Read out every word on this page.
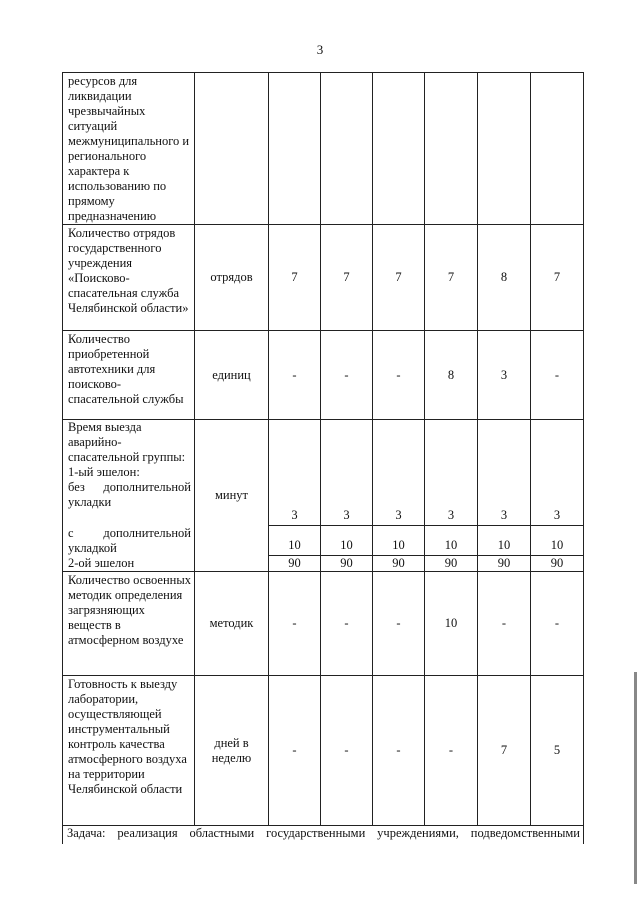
3
ресурсов для ликвидации чрезвычайных ситуаций межмуниципального и регионального характера к использованию по прямому предназначению							
Количество отрядов государственного учреждения «Поисково-спасательная служба Челябинской области»	отрядов	7	7	7	7	8	7
Количество приобретенной автотехники для поисково-спасательной службы	единиц	-	-	-	8	3	-

Время выезда аварийно-спасательной группы:
1-ый эшелон:
без дополнительной
укладки	минут	3	3	3	3	3	3

с дополнительной
укладкой		10	10	10	10	10	10
2-ой эшелон		90	90	90	90	90	90
Количество освоенных методик определения загрязняющих веществ в атмосферном воздухе	методик	-	-	-	10	-	-
Готовность к выезду лаборатории, осуществляющей инструментальный контроль качества атмосферного воздуха на территории Челябинской области	дней в неделю	-	-	-	-	7	5
Задача: реализация областными государственными учреждениями, подведомственными							
